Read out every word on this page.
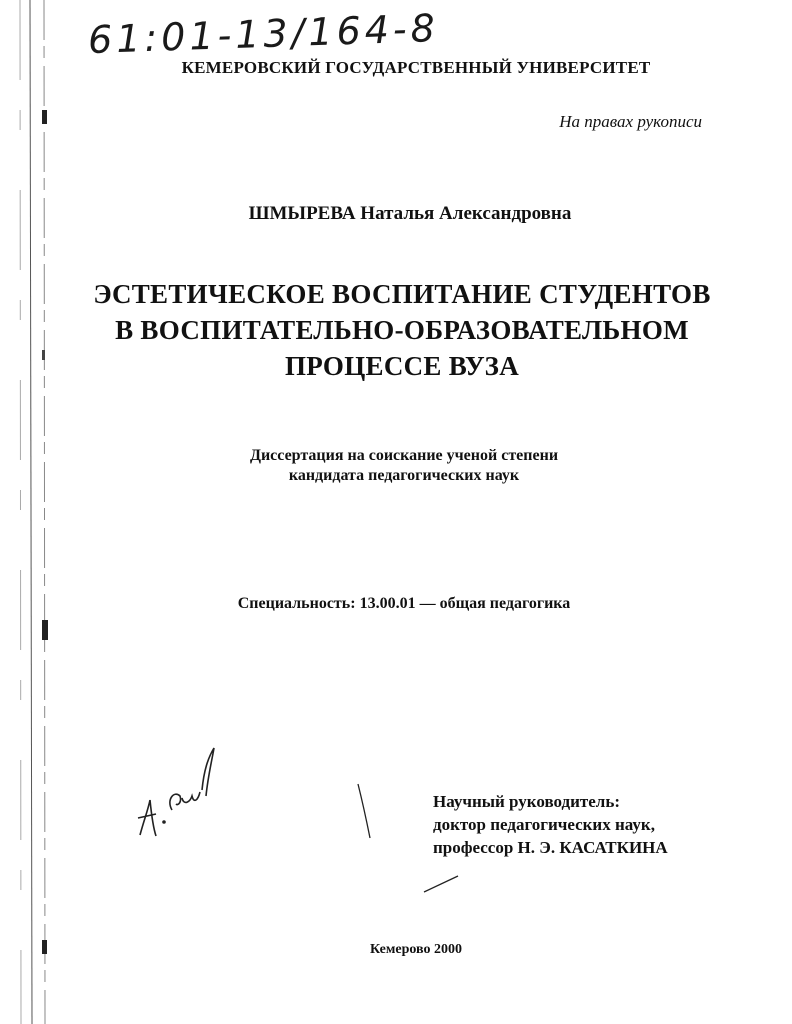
61:01-13/164-8
КЕМЕРОВСКИЙ ГОСУДАРСТВЕННЫЙ УНИВЕРСИТЕТ
На правах рукописи
ШМЫРЕВА Наталья Александровна
ЭСТЕТИЧЕСКОЕ ВОСПИТАНИЕ СТУДЕНТОВ
В ВОСПИТАТЕЛЬНО-ОБРАЗОВАТЕЛЬНОМ
ПРОЦЕССЕ ВУЗА
Диссертация на соискание ученой степени
кандидата педагогических наук
Специальность: 13.00.01 — общая педагогика
Научный руководитель:
доктор педагогических наук,
профессор Н. Э. КАСАТКИНА
Кемерово 2000
